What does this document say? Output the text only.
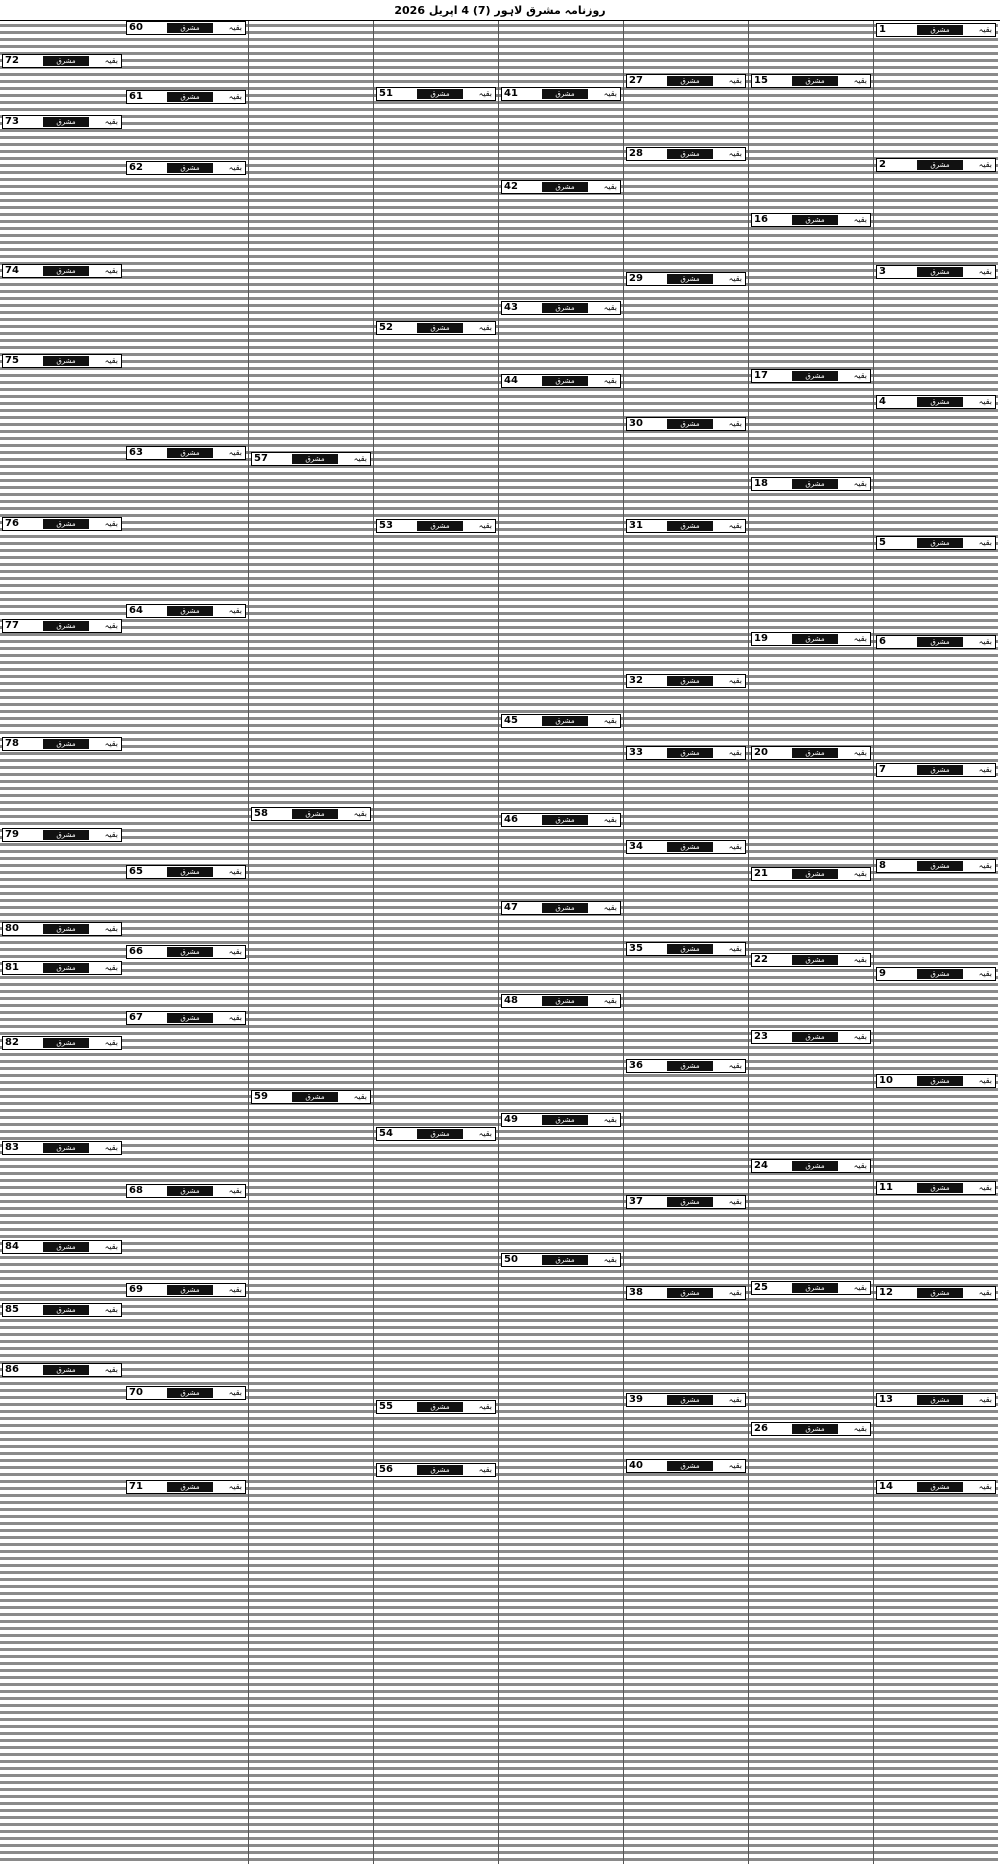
روزنامہ مشرق لاہور (7) 4 اپریل 2026
1	مشرق	بقیہ
2	مشرق	بقیہ
3	مشرق	بقیہ
4	مشرق	بقیہ
5	مشرق	بقیہ
6	مشرق	بقیہ
7	مشرق	بقیہ
8	مشرق	بقیہ
9	مشرق	بقیہ
10	مشرق	بقیہ
11	مشرق	بقیہ
12	مشرق	بقیہ
13	مشرق	بقیہ
14	مشرق	بقیہ
15	مشرق	بقیہ
16	مشرق	بقیہ
17	مشرق	بقیہ
18	مشرق	بقیہ
19	مشرق	بقیہ
20	مشرق	بقیہ
21	مشرق	بقیہ
22	مشرق	بقیہ
23	مشرق	بقیہ
24	مشرق	بقیہ
25	مشرق	بقیہ
26	مشرق	بقیہ
27	مشرق	بقیہ
28	مشرق	بقیہ
29	مشرق	بقیہ
30	مشرق	بقیہ
31	مشرق	بقیہ
32	مشرق	بقیہ
33	مشرق	بقیہ
34	مشرق	بقیہ
35	مشرق	بقیہ
36	مشرق	بقیہ
37	مشرق	بقیہ
38	مشرق	بقیہ
39	مشرق	بقیہ
40	مشرق	بقیہ
41	مشرق	بقیہ
42	مشرق	بقیہ
43	مشرق	بقیہ
44	مشرق	بقیہ
45	مشرق	بقیہ
46	مشرق	بقیہ
47	مشرق	بقیہ
48	مشرق	بقیہ
49	مشرق	بقیہ
50	مشرق	بقیہ
51	مشرق	بقیہ
52	مشرق	بقیہ
53	مشرق	بقیہ
54	مشرق	بقیہ
55	مشرق	بقیہ
56	مشرق	بقیہ
57	مشرق	بقیہ
58	مشرق	بقیہ
59	مشرق	بقیہ
60	مشرق	بقیہ
61	مشرق	بقیہ
62	مشرق	بقیہ
63	مشرق	بقیہ
64	مشرق	بقیہ
65	مشرق	بقیہ
66	مشرق	بقیہ
67	مشرق	بقیہ
68	مشرق	بقیہ
69	مشرق	بقیہ
70	مشرق	بقیہ
71	مشرق	بقیہ
72	مشرق	بقیہ
73	مشرق	بقیہ
74	مشرق	بقیہ
75	مشرق	بقیہ
76	مشرق	بقیہ
77	مشرق	بقیہ
78	مشرق	بقیہ
79	مشرق	بقیہ
80	مشرق	بقیہ
81	مشرق	بقیہ
82	مشرق	بقیہ
83	مشرق	بقیہ
84	مشرق	بقیہ
85	مشرق	بقیہ
86	مشرق	بقیہ
